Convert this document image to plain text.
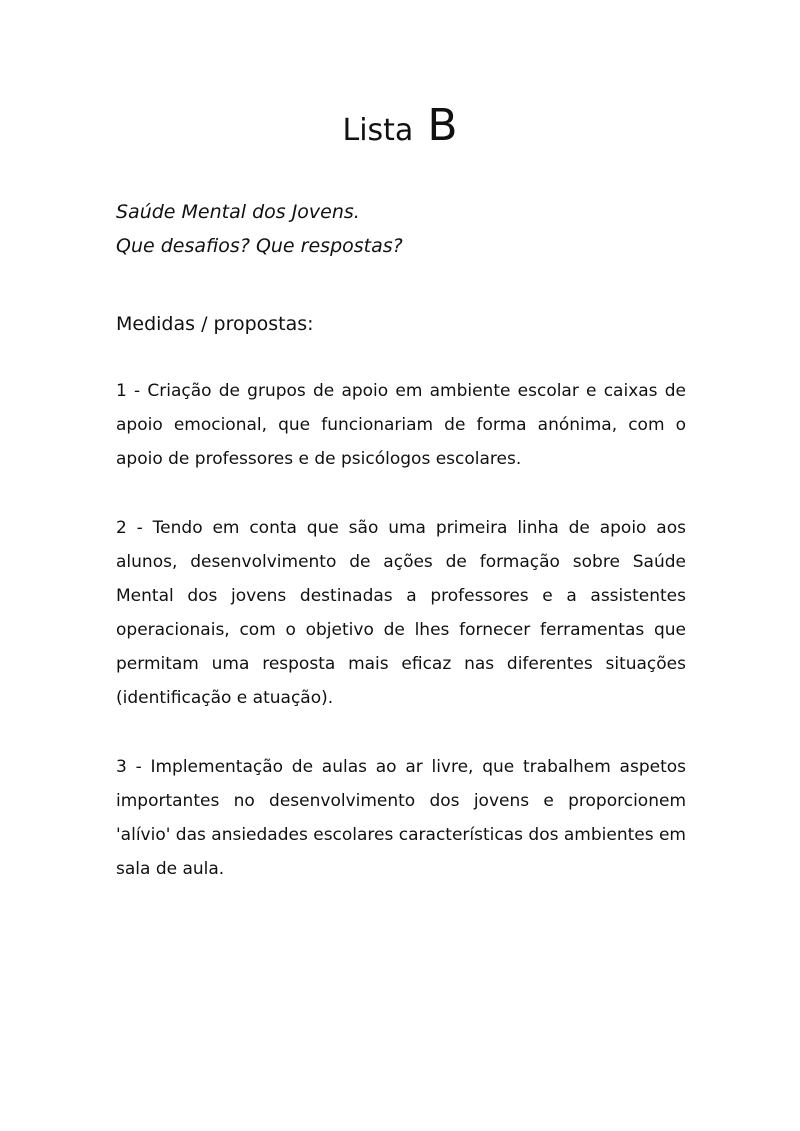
Lista B
Saúde Mental dos Jovens.
Que desafios? Que respostas?
Medidas / propostas:

1 - Criação de grupos de apoio em ambiente escolar e caixas de apoio emocional, que funcionariam de forma anónima, com o apoio de professores e de psicólogos escolares.

2 - Tendo em conta que são uma primeira linha de apoio aos alunos, desenvolvimento de ações de formação sobre Saúde Mental dos jovens destinadas a professores e a assistentes operacionais, com o objetivo de lhes fornecer ferramentas que permitam uma resposta mais eficaz nas diferentes situações (identificação e atuação).

3 - Implementação de aulas ao ar livre, que trabalhem aspetos importantes no desenvolvimento dos jovens e proporcionem 'alívio' das ansiedades escolares características dos ambientes em sala de aula.
